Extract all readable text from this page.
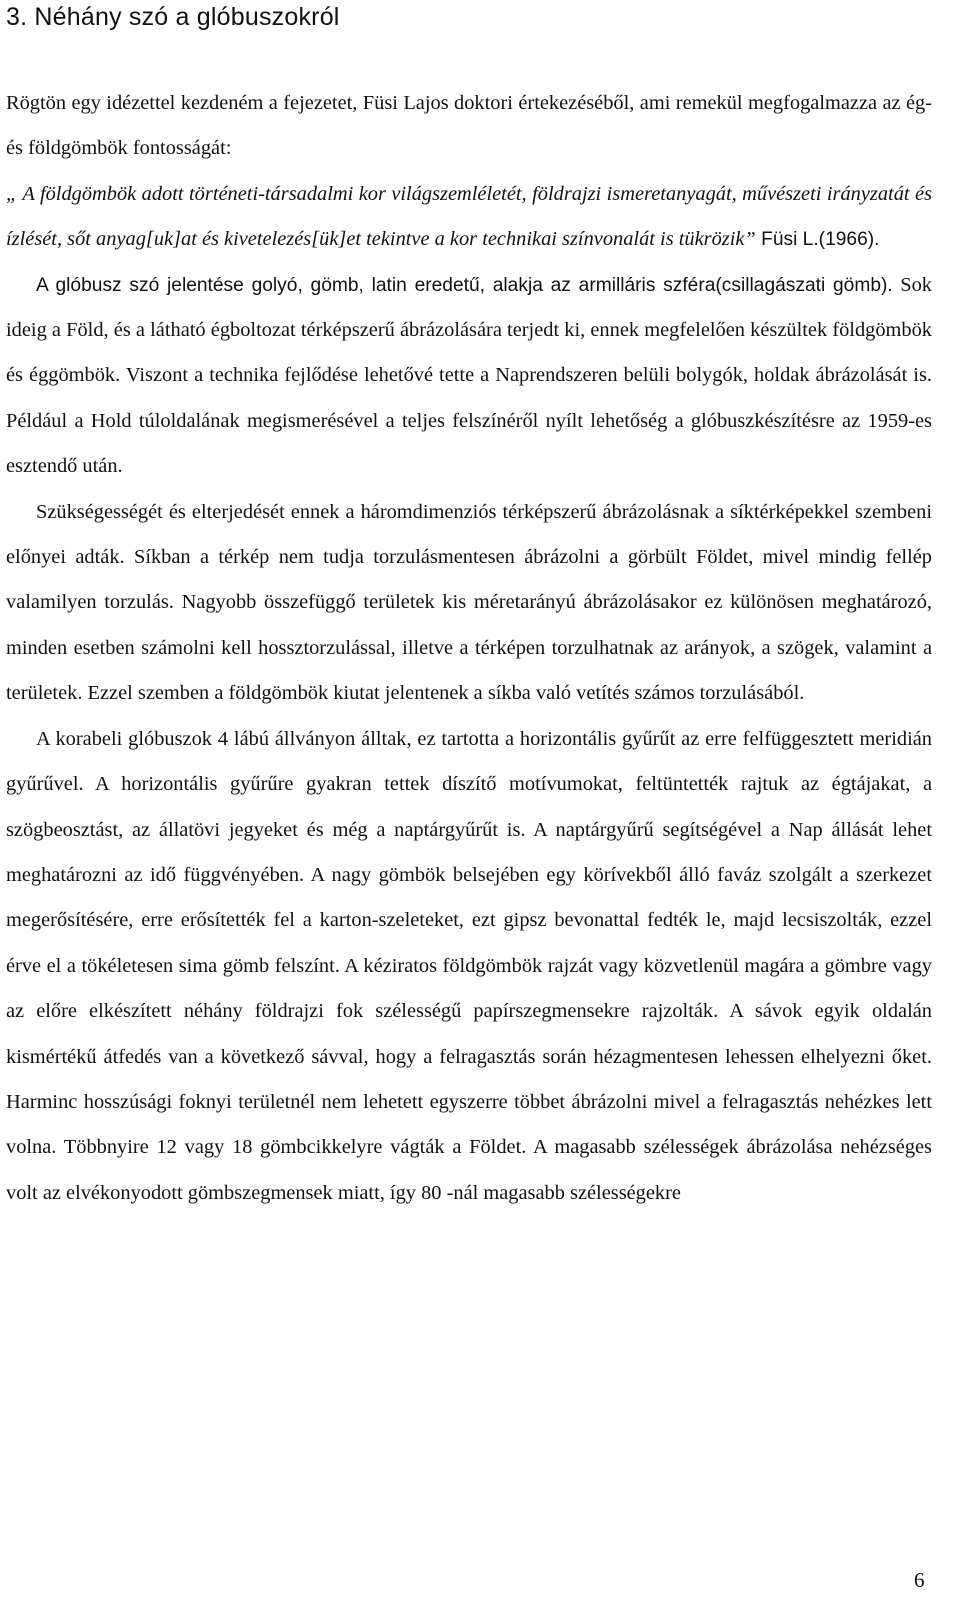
3. Néhány szó a glóbuszokról

Rögtön egy idézettel kezdeném a fejezetet, Füsi Lajos doktori értekezéséből, ami remekül megfogalmazza az ég- és földgömbök fontosságát:
„ A földgömbök adott történeti-társadalmi kor világszemléletét, földrajzi ismeretanyagát, művészeti irányzatát és ízlését, sőt anyag[uk]at és kivetelezés[ük]et tekintve a kor technikai színvonalát is tükrözik” Füsi L.(1966).

A glóbusz szó jelentése golyó, gömb, latin eredetű, alakja az armilláris szféra(csillagászati gömb). Sok ideig a Föld, és a látható égboltozat térképszerű ábrázolására terjedt ki, ennek megfelelően készültek földgömbök és éggömbök. Viszont a technika fejlődése lehetővé tette a Naprendszeren belüli bolygók, holdak ábrázolását is. Például a Hold túloldalának megismerésével a teljes felszínéről nyílt lehetőség a glóbuszkészítésre az 1959-es esztendő után.

Szükségességét és elterjedését ennek a háromdimenziós térképszerű ábrázolásnak a síktérképekkel szembeni előnyei adták. Síkban a térkép nem tudja torzulásmentesen ábrázolni a görbült Földet, mivel mindig fellép valamilyen torzulás. Nagyobb összefüggő területek kis méretarányú ábrázolásakor ez különösen meghatározó, minden esetben számolni kell hossztorzulással, illetve a térképen torzulhatnak az arányok, a szögek, valamint a területek. Ezzel szemben a földgömbök kiutat jelentenek a síkba való vetítés számos torzulásából.

A korabeli glóbuszok 4 lábú állványon álltak, ez tartotta a horizontális gyűrűt az erre felfüggesztett meridián gyűrűvel. A horizontális gyűrűre gyakran tettek díszítő motívumokat, feltüntették rajtuk az égtájakat, a szögbeosztást, az állatövi jegyeket és még a naptárgyűrűt is. A naptárgyűrű segítségével a Nap állását lehet meghatározni az idő függvényében. A nagy gömbök belsejében egy körívekből álló faváz szolgált a szerkezet megerősítésére, erre erősítették fel a karton-szeleteket, ezt gipsz bevonattal fedték le, majd lecsiszolták, ezzel érve el a tökéletesen sima gömb felszínt. A kéziratos földgömbök rajzát vagy közvetlenül magára a gömbre vagy az előre elkészített néhány földrajzi fok szélességű papírszegmensekre rajzolták. A sávok egyik oldalán kismértékű átfedés van a következő sávval, hogy a felragasztás során hézagmentesen lehessen elhelyezni őket. Harminc hosszúsági foknyi területnél nem lehetett egyszerre többet ábrázolni mivel a felragasztás nehézkes lett volna. Többnyire 12 vagy 18 gömbcikkelyre vágták a Földet. A magasabb szélességek ábrázolása nehézséges volt az elvékonyodott gömbszegmensek miatt, így 80 -nál magasabb szélességekre

6
